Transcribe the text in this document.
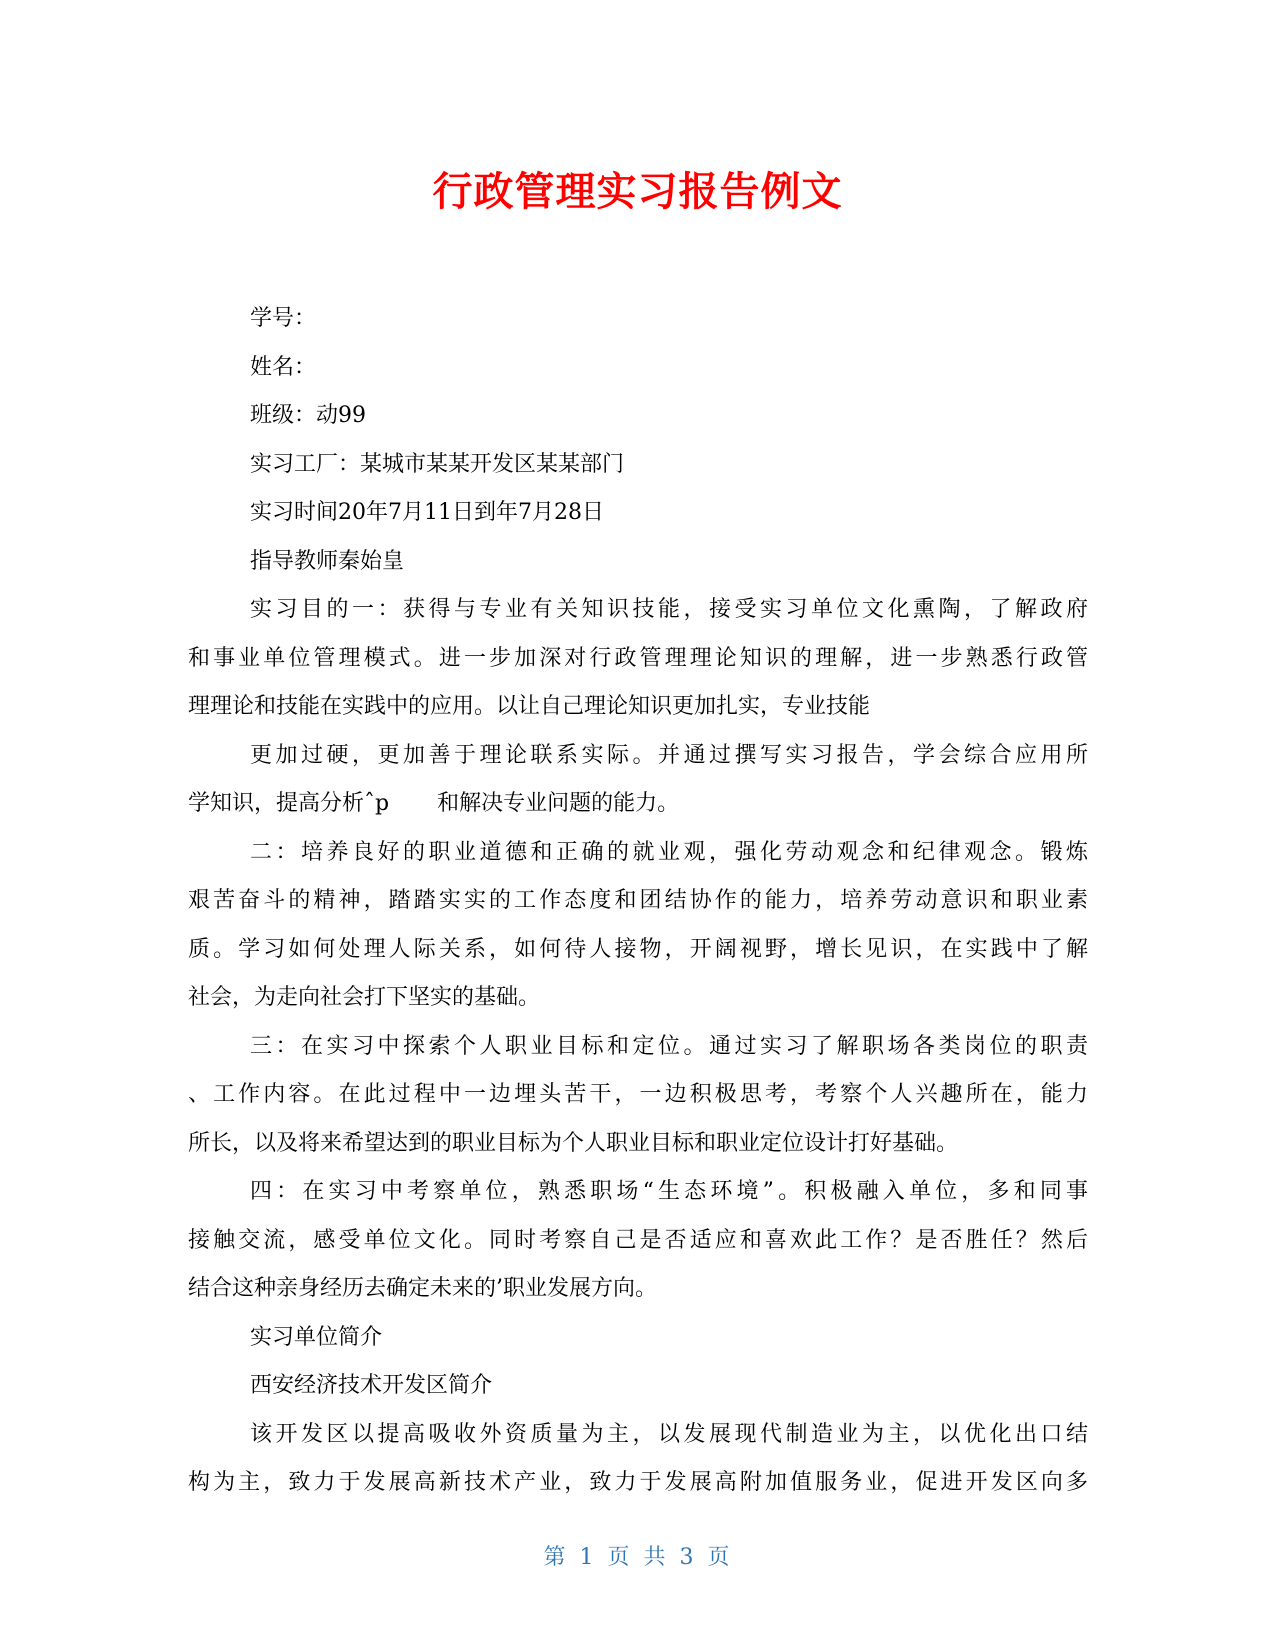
行政管理实习报告例文
学号：
姓名：
班级：动99
实习工厂：某城市某某开发区某某部门
实习时间20年7月11日到年7月28日
指导教师秦始皇
实习目的一：获得与专业有关知识技能，接受实习单位文化熏陶，了解政府
和事业单位管理模式。进一步加深对行政管理理论知识的理解，进一步熟悉行政管
理理论和技能在实践中的应用。以让自己理论知识更加扎实，专业技能
更加过硬，更加善于理论联系实际。并通过撰写实习报告，学会综合应用所
学知识，提高分析ˆp 和解决专业问题的能力。
二：培养良好的职业道德和正确的就业观，强化劳动观念和纪律观念。锻炼
艰苦奋斗的精神，踏踏实实的工作态度和团结协作的能力，培养劳动意识和职业素
质。学习如何处理人际关系，如何待人接物，开阔视野，增长见识，在实践中了解
社会，为走向社会打下坚实的基础。
三：在实习中探索个人职业目标和定位。通过实习了解职场各类岗位的职责
、工作内容。在此过程中一边埋头苦干，一边积极思考，考察个人兴趣所在，能力
所长，以及将来希望达到的职业目标为个人职业目标和职业定位设计打好基础。
四：在实习中考察单位，熟悉职场“生态环境”。积极融入单位，多和同事
接触交流，感受单位文化。同时考察自己是否适应和喜欢此工作？是否胜任？然后
结合这种亲身经历去确定未来的’职业发展方向。
实习单位简介
西安经济技术开发区简介
该开发区以提高吸收外资质量为主，以发展现代制造业为主，以优化出口结
构为主，致力于发展高新技术产业，致力于发展高附加值服务业，促进开发区向多
第 1 页 共 3 页
